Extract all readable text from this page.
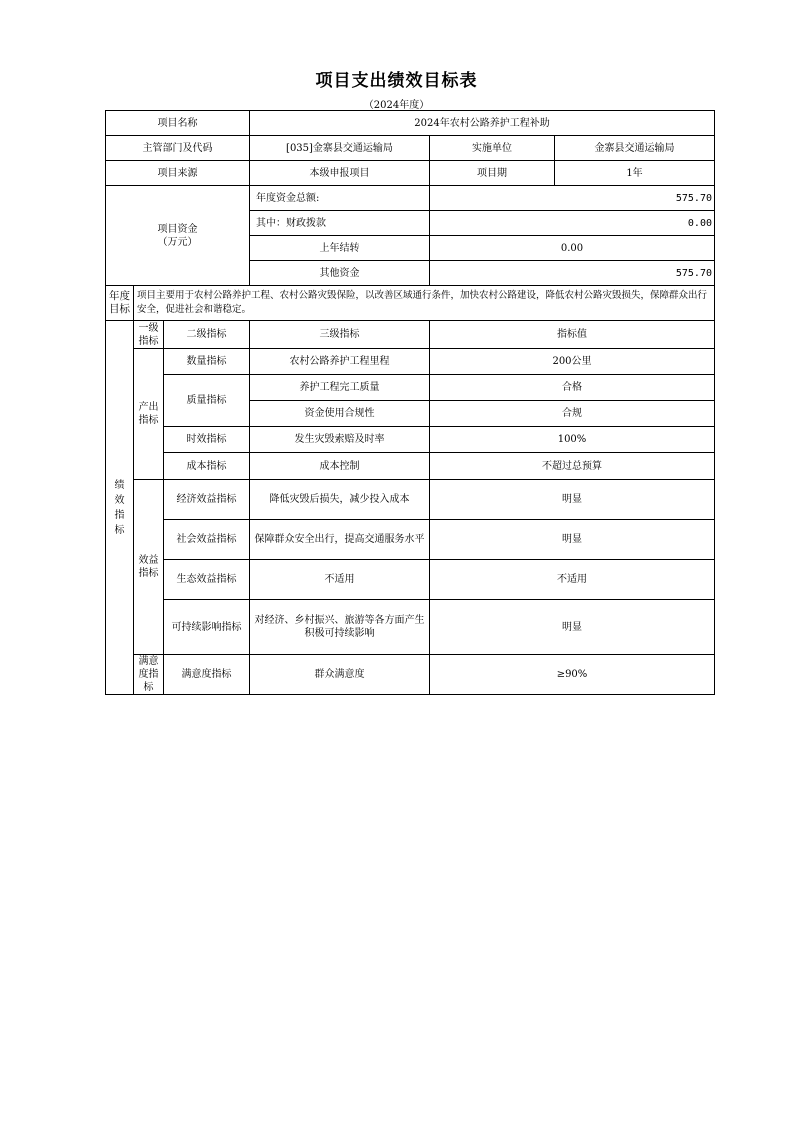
项目支出绩效目标表
（2024年度）
项目名称			2024年农村公路养护工程补助		
主管部门及代码			[035]金寨县交通运输局	实施单位	金寨县交通运输局
项目来源			本级申报项目	项目期	1年

项目资金
（万元）			年度资金总额:	575.70	
			其中：财政拨款	0.00	
			上年结转	0.00	
			其他资金	575.70	
年度目标	项目主要用于农村公路养护工程、农村公路灾毁保险，以改善区域通行条件，加快农村公路建设，降低农村公路灾毁损失，保障群众出行安全，促进社会和谐稳定。				
绩效指标	一级指标	二级指标	三级指标	指标值	
	产出指标	数量指标	农村公路养护工程里程	200公里	
		质量指标	养护工程完工质量	合格	
			资金使用合规性	合规	
		时效指标	发生灾毁索赔及时率	100%	
		成本指标	成本控制	不超过总预算	
	效益指标	经济效益指标	降低灾毁后损失，减少投入成本	明显	
		社会效益指标	保障群众安全出行，提高交通服务水平	明显	
		生态效益指标	不适用	不适用	
		可持续影响指标	对经济、乡村振兴、旅游等各方面产生积极可持续影响	明显	
	满意度指标	满意度指标	群众满意度	≥90%	
